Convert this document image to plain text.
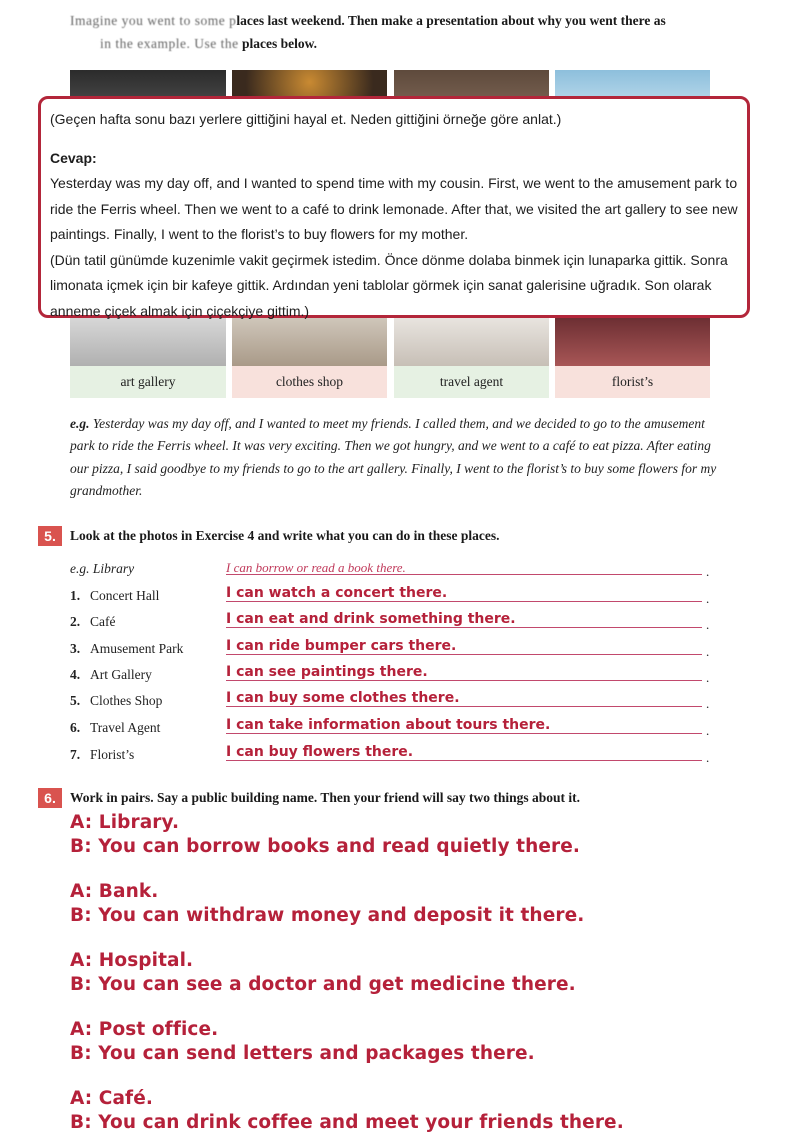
Imagine you went to some places last weekend. Then make a presentation about why you went there as
in the example. Use the places below.
art gallery	clothes shop	travel agent	florist’s

(Geçen hafta sonu bazı yerlere gittiğini hayal et. Neden gittiğini örneğe göre anlat.)

Cevap:

Yesterday was my day off, and I wanted to spend time with my cousin. First, we went to the amusement park to ride the Ferris wheel. Then we went to a café to drink lemonade. After that, we visited the art gallery to see new paintings. Finally, I went to the florist’s to buy flowers for my mother.

(Dün tatil günümde kuzenimle vakit geçirmek istedim. Önce dönme dolaba binmek için lunaparka gittik. Sonra limonata içmek için bir kafeye gittik. Ardından yeni tablolar görmek için sanat galerisine uğradık. Son olarak anneme çiçek almak için çiçekçiye gittim.)

e.g. Yesterday was my day off, and I wanted to meet my friends. I called them, and we decided to go to the amusement park to ride the Ferris wheel. It was very exciting. Then we got hungry, and we went to a café to eat pizza. After eating our pizza, I said goodbye to my friends to go to the art gallery. Finally, I went to the florist’s to buy some flowers for my grandmother.
5.	Look at the photos in Exercise 4 and write what you can do in these places.
e.g. Library	I can borrow or read a book there.	.
1. Concert Hall	I can watch a concert there.	.
2. Café	I can eat and drink something there.	.
3. Amusement Park	I can ride bumper cars there.	.
4. Art Gallery	I can see paintings there.	.
5. Clothes Shop	I can buy some clothes there.	.
6. Travel Agent	I can take information about tours there.	.
7. Florist’s	I can buy flowers there.	.
6.	Work in pairs. Say a public building name. Then your friend will say two things about it.
A: Library.
B: You can borrow books and read quietly there.
A: Bank.
B: You can withdraw money and deposit it there.
A: Hospital.
B: You can see a doctor and get medicine there.
A: Post office.
B: You can send letters and packages there.
A: Café.
B: You can drink coffee and meet your friends there.
